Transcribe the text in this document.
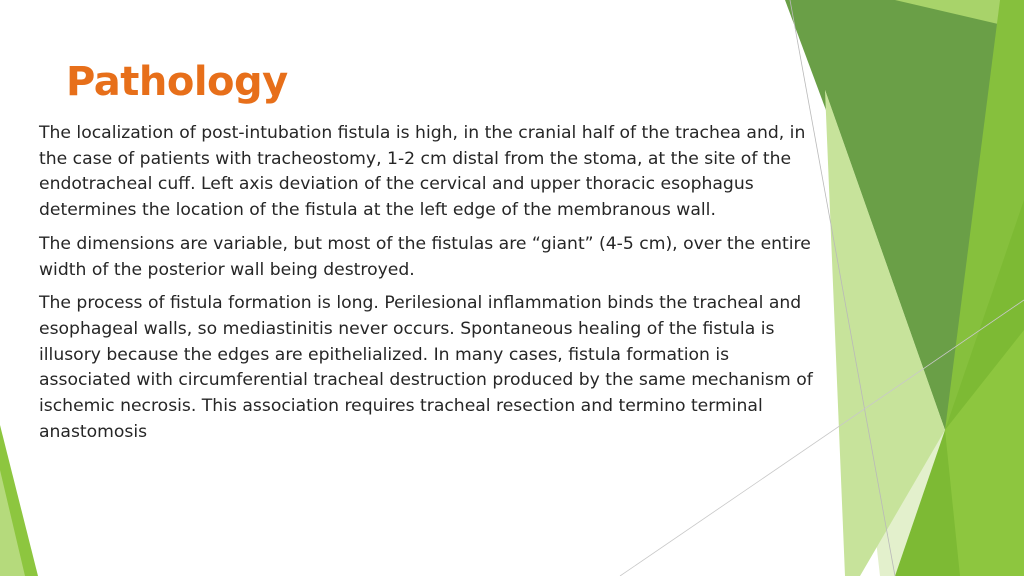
Pathology

The localization of post-intubation fistula is high, in the cranial half of the trachea and, in the case of patients with tracheostomy, 1-2 cm distal from the stoma, at the site of the endotracheal cuff. Left axis deviation of the cervical and upper thoracic esophagus determines the location of the fistula at the left edge of the membranous wall.

The dimensions are variable, but most of the fistulas are “giant” (4-5 cm), over the entire width of the posterior wall being destroyed.

The process of fistula formation is long. Perilesional inflammation binds the tracheal and esophageal walls, so mediastinitis never occurs. Spontaneous healing of the fistula is illusory because the edges are epithelialized. In many cases, fistula formation is associated with circumferential tracheal destruction produced by the same mechanism of ischemic necrosis. This association requires tracheal resection and termino terminal anastomosis
